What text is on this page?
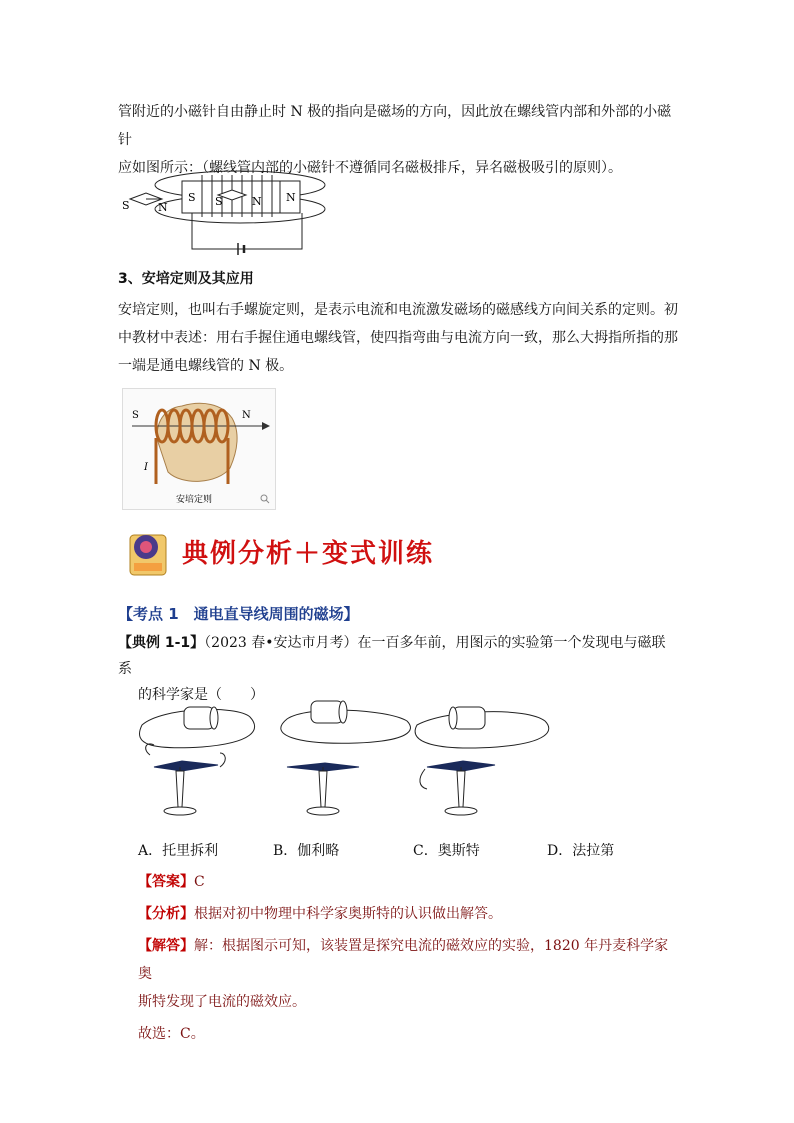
管附近的小磁针自由静止时 N 极的指向是磁场的方向，因此放在螺线管内部和外部的小磁针
应如图所示：（螺线管内部的小磁针不遵循同名磁极排斥，异名磁极吸引的原则）。
S	N
S S	N N
3、安培定则及其应用
安培定则，也叫右手螺旋定则，是表示电流和电流激发磁场的磁感线方向间关系的定则。初
中教材中表述：用右手握住通电螺线管，使四指弯曲与电流方向一致，那么大拇指所指的那
一端是通电螺线管的 N 极。
S	N
I
安培定则
典例分析＋变式训练
【考点 1　通电直导线周围的磁场】
【典例 1-1】（2023 春•安达市月考）在一百多年前，用图示的实验第一个发现电与磁联系
的科学家是（　　）
A．托里拆利	B．伽利略	C．奥斯特	D．法拉第
【答案】C
【分析】根据对初中物理中科学家奥斯特的认识做出解答。
【解答】解：根据图示可知，该装置是探究电流的磁效应的实验，1820 年丹麦科学家奥
斯特发现了电流的磁效应。
故选：C。
